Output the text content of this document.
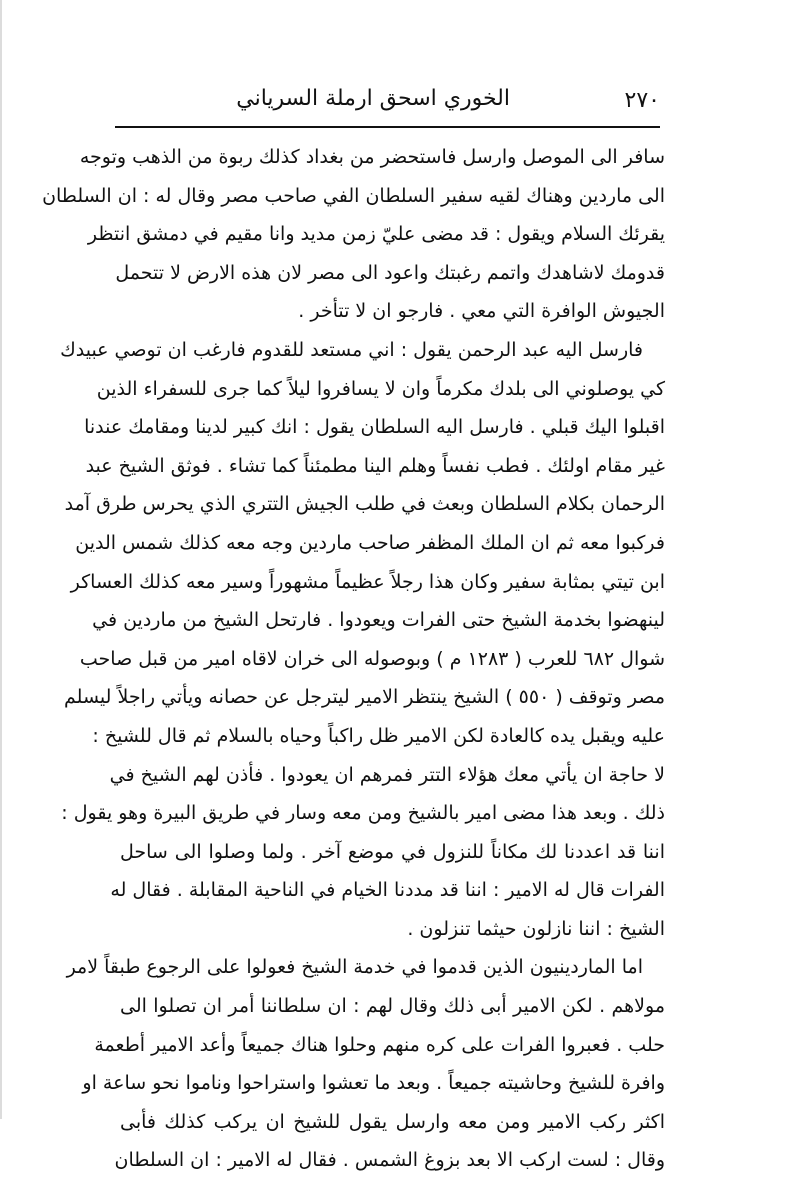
٢٧٠
الخوري اسحق ارملة السرياني
سافر الى الموصل وارسل فاستحضر من بغداد كذلك ربوة من الذهب وتوجه
الى ماردين وهناك لقيه سفير السلطان الفي صاحب مصر وقال له : ان السلطان
يقرئك السلام ويقول : قد مضى عليّ زمن مديد وانا مقيم في دمشق انتظر
قدومك لاشاهدك واتمم رغبتك واعود الى مصر لان هذه الارض لا تتحمل
الجيوش الوافرة التي معي . فارجو ان لا تتأخر .
فارسل اليه عبد الرحمن يقول : اني مستعد للقدوم فارغب ان توصي عبيدك
كي يوصلوني الى بلدك مكرماً وان لا يسافروا ليلاً كما جرى للسفراء الذين
اقبلوا اليك قبلي . فارسل اليه السلطان يقول : انك كبير لدينا ومقامك عندنا
غير مقام اولئك . فطب نفساً وهلم الينا مطمئناً كما تشاء . فوثق الشيخ عبد
الرحمان بكلام السلطان وبعث في طلب الجيش التتري الذي يحرس طرق آمد
فركبوا معه ثم ان الملك المظفر صاحب ماردين وجه معه كذلك شمس الدين
ابن تيتي بمثابة سفير وكان هذا رجلاً عظيماً مشهوراً وسير معه كذلك العساكر
لينهضوا بخدمة الشيخ حتى الفرات ويعودوا . فارتحل الشيخ من ماردين في
شوال ٦٨٢ للعرب ( ١٢٨٣ م ) وبوصوله الى خران لاقاه امير من قبل صاحب
مصر وتوقف ( ٥٥٠ ) الشيخ ينتظر الامير ليترجل عن حصانه ويأتي راجلاً ليسلم
عليه ويقبل يده كالعادة لكن الامير ظل راكباً وحياه بالسلام ثم قال للشيخ :
لا حاجة ان يأتي معك هؤلاء التتر فمرهم ان يعودوا . فأذن لهم الشيخ في
ذلك . وبعد هذا مضى امير بالشيخ ومن معه وسار في طريق البيرة وهو يقول :
اننا قد اعددنا لك مكاناً للنزول في موضع آخر . ولما وصلوا الى ساحل
الفرات قال له الامير : اننا قد مددنا الخيام في الناحية المقابلة . فقال له
الشيخ : اننا نازلون حيثما تنزلون .
اما الماردينيون الذين قدموا في خدمة الشيخ فعولوا على الرجوع طبقاً لامر
مولاهم . لكن الامير أبى ذلك وقال لهم : ان سلطاننا أمر ان تصلوا الى
حلب . فعبروا الفرات على كره منهم وحلوا هناك جميعاً وأعد الامير أطعمة
وافرة للشيخ وحاشيته جميعاً . وبعد ما تعشوا واستراحوا وناموا نحو ساعة او
اكثر ركب الامير ومن معه وارسل يقول للشيخ ان يركب كذلك فأبى
وقال : لست اركب الا بعد بزوغ الشمس . فقال له الامير : ان السلطان
